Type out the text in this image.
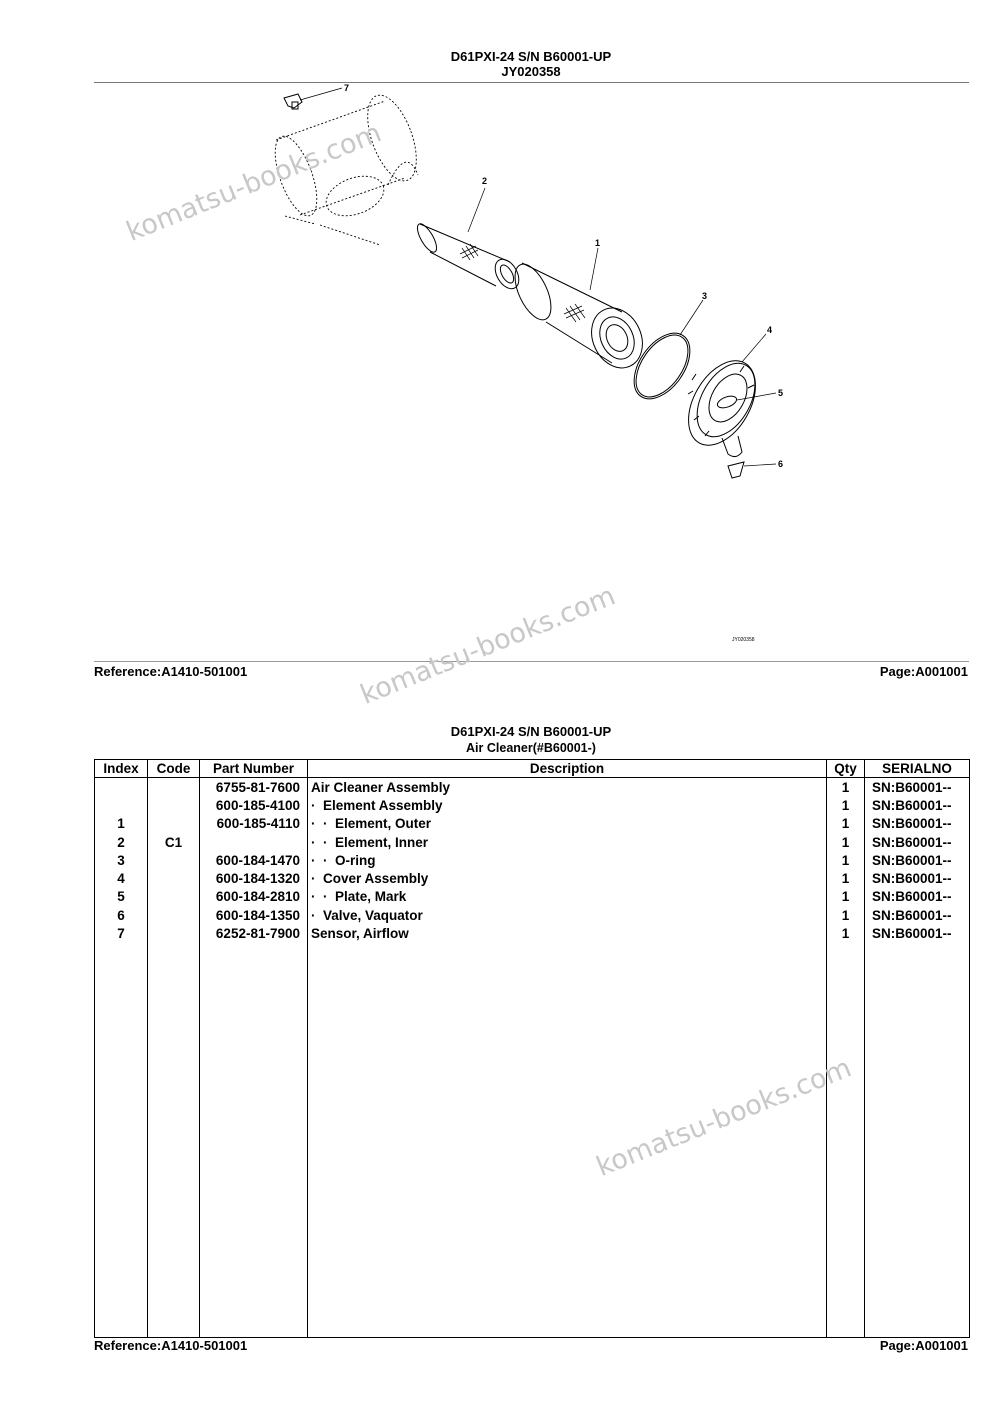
D61PXI-24 S/N B60001-UP
JY020358
1
2
3
4
5
6
7
JY020358
Reference:A1410-501001	Page:A001001
D61PXI-24 S/N B60001-UP
Air Cleaner(#B60001-)
Index	Code	Part Number	Description	Qty	SERIALNO
		6755-81-7600	Air Cleaner Assembly	1	SN:B60001--
		600-185-4100	·  Element Assembly	1	SN:B60001--
1		600-185-4110	·  ·  Element, Outer	1	SN:B60001--
2	C1		·  ·  Element, Inner	1	SN:B60001--
3		600-184-1470	·  ·  O-ring	1	SN:B60001--
4		600-184-1320	·  Cover Assembly	1	SN:B60001--
5		600-184-2810	·  ·  Plate, Mark	1	SN:B60001--
6		600-184-1350	·  Valve, Vaquator	1	SN:B60001--
7		6252-81-7900	Sensor, Airflow	1	SN:B60001--

Reference:A1410-501001	Page:A001001
komatsu-books.com
komatsu-books.com
komatsu-books.com
